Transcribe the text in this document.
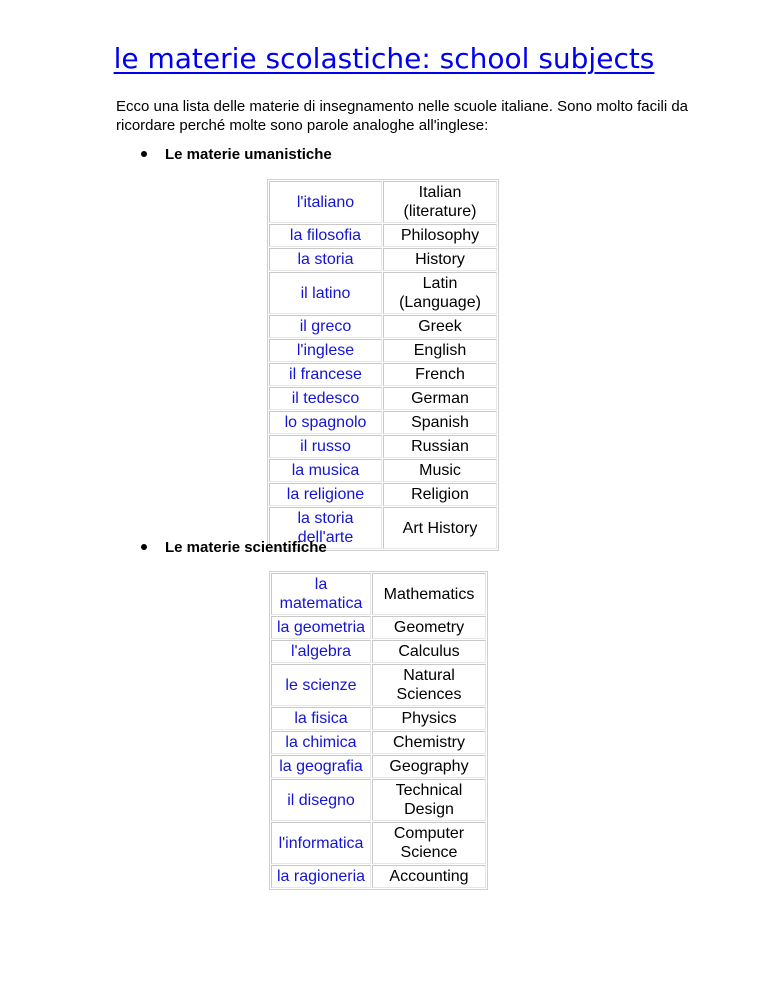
le materie scolastiche: school subjects

Ecco una lista delle materie di insegnamento nelle scuole italiane. Sono molto facili da ricordare perché molte sono parole analoghe all'inglese:

Le materie umanistiche
l'italiano	Italian (literature)
la filosofia	Philosophy
la storia	History
il latino	Latin (Language)
il greco	Greek
l'inglese	English
il francese	French
il tedesco	German
lo spagnolo	Spanish
il russo	Russian
la musica	Music
la religione	Religion
la storia dell'arte	Art History
Le materie scientifiche
la matematica	Mathematics
la geometria	Geometry
l'algebra	Calculus
le scienze	Natural Sciences
la fisica	Physics
la chimica	Chemistry
la geografia	Geography
il disegno	Technical Design
l'informatica	Computer Science
la ragioneria	Accounting
